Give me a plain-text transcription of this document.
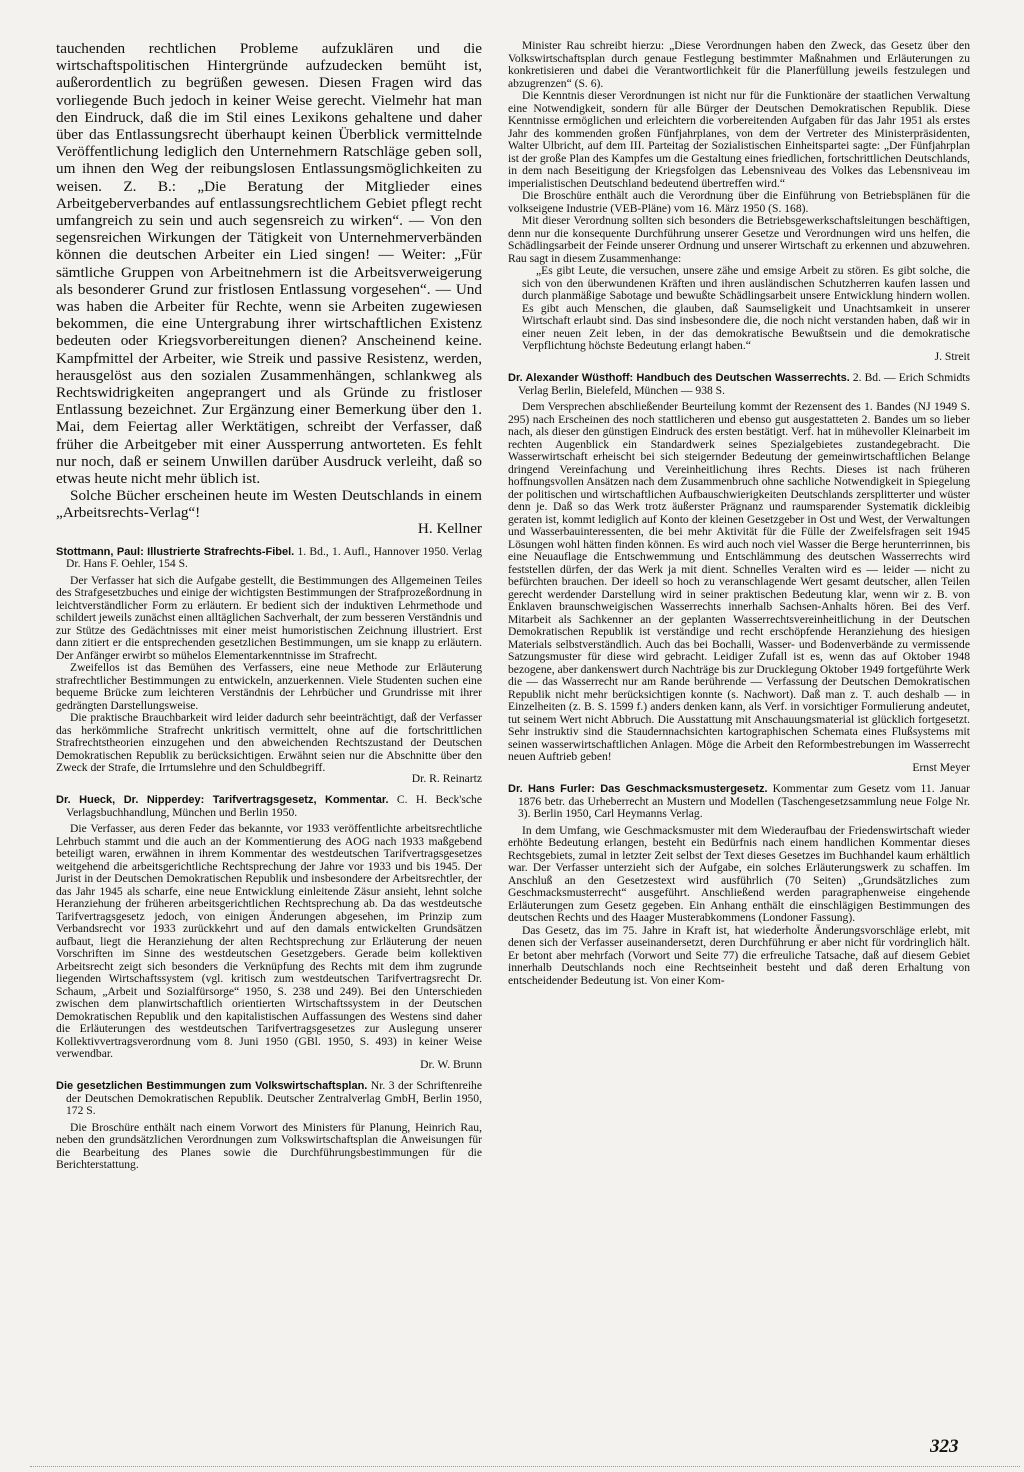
tauchenden rechtlichen Probleme aufzuklären und die wirtschaftspolitischen Hintergründe aufzudecken bemüht ist, außerordentlich zu begrüßen gewesen. Diesen Fragen wird das vorliegende Buch jedoch in keiner Weise gerecht. Vielmehr hat man den Eindruck, daß die im Stil eines Lexikons gehaltene und daher über das Entlassungsrecht überhaupt keinen Überblick vermittelnde Veröffentlichung lediglich den Unternehmern Ratschläge geben soll, um ihnen den Weg der reibungslosen Entlassungsmöglichkeiten zu weisen. Z. B.: „Die Beratung der Mitglieder eines Arbeitgeberverbandes auf entlassungsrechtlichem Gebiet pflegt recht umfangreich zu sein und auch segensreich zu wirken“. — Von den segensreichen Wirkungen der Tätigkeit von Unternehmerverbänden können die deutschen Arbeiter ein Lied singen! — Weiter: „Für sämtliche Gruppen von Arbeitnehmern ist die Arbeitsverweigerung als besonderer Grund zur fristlosen Entlassung vorgesehen“. — Und was haben die Arbeiter für Rechte, wenn sie Arbeiten zugewiesen bekommen, die eine Untergrabung ihrer wirtschaftlichen Existenz bedeuten oder Kriegsvorbereitungen dienen? Anscheinend keine. Kampfmittel der Arbeiter, wie Streik und passive Resistenz, werden, herausgelöst aus den sozialen Zusammenhängen, schlankweg als Rechtswidrigkeiten angeprangert und als Gründe zu fristloser Entlassung bezeichnet. Zur Ergänzung einer Bemerkung über den 1. Mai, dem Feiertag aller Werktätigen, schreibt der Verfasser, daß früher die Arbeitgeber mit einer Aussperrung antworteten. Es fehlt nur noch, daß er seinem Unwillen darüber Ausdruck verleiht, daß so etwas heute nicht mehr üblich ist.

Solche Bücher erscheinen heute im Westen Deutschlands in einem „Arbeitsrechts-Verlag“!

H. Kellner
Stottmann, Paul: Illustrierte Strafrechts-Fibel. 1. Bd., 1. Aufl., Hannover 1950. Verlag Dr. Hans F. Oehler, 154 S.

Der Verfasser hat sich die Aufgabe gestellt, die Bestimmungen des Allgemeinen Teiles des Strafgesetzbuches und einige der wichtigsten Bestimmungen der Strafprozeßordnung in leichtverständlicher Form zu erläutern. Er bedient sich der induktiven Lehrmethode und schildert jeweils zunächst einen alltäglichen Sachverhalt, der zum besseren Verständnis und zur Stütze des Gedächtnisses mit einer meist humoristischen Zeichnung illustriert. Erst dann zitiert er die entsprechenden gesetzlichen Bestimmungen, um sie knapp zu erläutern. Der Anfänger erwirbt so mühelos Elementarkenntnisse im Strafrecht.

Zweifellos ist das Bemühen des Verfassers, eine neue Methode zur Erläuterung strafrechtlicher Bestimmungen zu entwickeln, anzuerkennen. Viele Studenten suchen eine bequeme Brücke zum leichteren Verständnis der Lehrbücher und Grundrisse mit ihrer gedrängten Darstellungsweise.

Die praktische Brauchbarkeit wird leider dadurch sehr beeinträchtigt, daß der Verfasser das herkömmliche Strafrecht unkritisch vermittelt, ohne auf die fortschrittlichen Strafrechtstheorien einzugehen und den abweichenden Rechtszustand der Deutschen Demokratischen Republik zu berücksichtigen. Erwähnt seien nur die Abschnitte über den Zweck der Strafe, die Irrtumslehre und den Schuldbegriff.

Dr. R. Reinartz
Dr. Hueck, Dr. Nipperdey: Tarifvertragsgesetz, Kommentar. C. H. Beck'sche Verlagsbuchhandlung, München und Berlin 1950.

Die Verfasser, aus deren Feder das bekannte, vor 1933 veröffentlichte arbeitsrechtliche Lehrbuch stammt und die auch an der Kommentierung des AOG nach 1933 maßgebend beteiligt waren, erwähnen in ihrem Kommentar des westdeutschen Tarifvertragsgesetzes weitgehend die arbeitsgerichtliche Rechtsprechung der Jahre vor 1933 und bis 1945. Der Jurist in der Deutschen Demokratischen Republik und insbesondere der Arbeitsrechtler, der das Jahr 1945 als scharfe, eine neue Entwicklung einleitende Zäsur ansieht, lehnt solche Heranziehung der früheren arbeitsgerichtlichen Rechtsprechung ab. Da das westdeutsche Tarifvertragsgesetz jedoch, von einigen Änderungen abgesehen, im Prinzip zum Verbandsrecht vor 1933 zurückkehrt und auf den damals entwickelten Grundsätzen aufbaut, liegt die Heranziehung der alten Rechtsprechung zur Erläuterung der neuen Vorschriften im Sinne des westdeutschen Gesetzgebers. Gerade beim kollektiven Arbeitsrecht zeigt sich besonders die Verknüpfung des Rechts mit dem ihm zugrunde liegenden Wirtschaftssystem (vgl. kritisch zum westdeutschen Tarifvertragsrecht Dr. Schaum, „Arbeit und Sozialfürsorge“ 1950, S. 238 und 249). Bei den Unterschieden zwischen dem planwirtschaftlich orientierten Wirtschaftssystem in der Deutschen Demokratischen Republik und den kapitalistischen Auffassungen des Westens sind daher die Erläuterungen des westdeutschen Tarifvertragsgesetzes zur Auslegung unserer Kollektivvertragsverordnung vom 8. Juni 1950 (GBl. 1950, S. 493) in keiner Weise verwendbar.

Dr. W. Brunn
Die gesetzlichen Bestimmungen zum Volkswirtschaftsplan. Nr. 3 der Schriftenreihe der Deutschen Demokratischen Republik. Deutscher Zentralverlag GmbH, Berlin 1950, 172 S.

Die Broschüre enthält nach einem Vorwort des Ministers für Planung, Heinrich Rau, neben den grundsätzlichen Verordnungen zum Volkswirtschaftsplan die Anweisungen für die Bearbeitung des Planes sowie die Durchführungsbestimmungen für die Berichterstattung.

Minister Rau schreibt hierzu: „Diese Verordnungen haben den Zweck, das Gesetz über den Volkswirtschaftsplan durch genaue Festlegung bestimmter Maßnahmen und Erläuterungen zu konkretisieren und dabei die Verantwortlichkeit für die Planerfüllung jeweils festzulegen und abzugrenzen“ (S. 6).

Die Kenntnis dieser Verordnungen ist nicht nur für die Funktionäre der staatlichen Verwaltung eine Notwendigkeit, sondern für alle Bürger der Deutschen Demokratischen Republik. Diese Kenntnisse ermöglichen und erleichtern die vorbereitenden Aufgaben für das Jahr 1951 als erstes Jahr des kommenden großen Fünfjahrplanes, von dem der Vertreter des Ministerpräsidenten, Walter Ulbricht, auf dem III. Parteitag der Sozialistischen Einheitspartei sagte: „Der Fünfjahrplan ist der große Plan des Kampfes um die Gestaltung eines friedlichen, fortschrittlichen Deutschlands, in dem nach Beseitigung der Kriegsfolgen das Lebensniveau des Volkes das Lebensniveau im imperialistischen Deutschland bedeutend übertreffen wird.“

Die Broschüre enthält auch die Verordnung über die Einführung von Betriebsplänen für die volkseigene Industrie (VEB-Pläne) vom 16. März 1950 (S. 168).

Mit dieser Verordnung sollten sich besonders die Betriebsgewerkschaftsleitungen beschäftigen, denn nur die konsequente Durchführung unserer Gesetze und Verordnungen wird uns helfen, die Schädlingsarbeit der Feinde unserer Ordnung und unserer Wirtschaft zu erkennen und abzuwehren. Rau sagt in diesem Zusammenhange:

„Es gibt Leute, die versuchen, unsere zähe und emsige Arbeit zu stören. Es gibt solche, die sich von den überwundenen Kräften und ihren ausländischen Schutzherren kaufen lassen und durch planmäßige Sabotage und bewußte Schädlingsarbeit unsere Entwicklung hindern wollen. Es gibt auch Menschen, die glauben, daß Saumseligkeit und Unachtsamkeit in unserer Wirtschaft erlaubt sind. Das sind insbesondere die, die noch nicht verstanden haben, daß wir in einer neuen Zeit leben, in der das demokratische Bewußtsein und die demokratische Verpflichtung höchste Bedeutung erlangt haben.“

J. Streit
Dr. Alexander Wüsthoff: Handbuch des Deutschen Wasserrechts. 2. Bd. — Erich Schmidts Verlag Berlin, Bielefeld, München — 938 S.

Dem Versprechen abschließender Beurteilung kommt der Rezensent des 1. Bandes (NJ 1949 S. 295) nach Erscheinen des noch stattlicheren und ebenso gut ausgestatteten 2. Bandes um so lieber nach, als dieser den günstigen Eindruck des ersten bestätigt. Verf. hat in mühevoller Kleinarbeit im rechten Augenblick ein Standardwerk seines Spezialgebietes zustandegebracht. Die Wasserwirtschaft erheischt bei sich steigernder Bedeutung der gemeinwirtschaftlichen Belange dringend Vereinfachung und Vereinheitlichung ihres Rechts. Dieses ist nach früheren hoffnungsvollen Ansätzen nach dem Zusammenbruch ohne sachliche Notwendigkeit in Spiegelung der politischen und wirtschaftlichen Aufbauschwierigkeiten Deutschlands zersplitterter und wüster denn je. Daß so das Werk trotz äußerster Prägnanz und raumsparender Systematik dickleibig geraten ist, kommt lediglich auf Konto der kleinen Gesetzgeber in Ost und West, der Verwaltungen und Wasserbauinteressenten, die bei mehr Aktivität für die Fülle der Zweifelsfragen seit 1945 Lösungen wohl hätten finden können. Es wird auch noch viel Wasser die Berge herunterrinnen, bis eine Neuauflage die Entschwemmung und Entschlämmung des deutschen Wasserrechts wird feststellen dürfen, der das Werk ja mit dient. Schnelles Veralten wird es — leider — nicht zu befürchten brauchen. Der ideell so hoch zu veranschlagende Wert gesamt deutscher, allen Teilen gerecht werdender Darstellung wird in seiner praktischen Bedeutung klar, wenn wir z. B. von Enklaven braunschweigischen Wasserrechts innerhalb Sachsen-Anhalts hören. Bei des Verf. Mitarbeit als Sachkenner an der geplanten Wasserrechtsvereinheitlichung in der Deutschen Demokratischen Republik ist verständige und recht erschöpfende Heranziehung des hiesigen Materials selbstverständlich. Auch das bei Bochalli, Wasser- und Bodenverbände zu vermissende Satzungsmuster für diese wird gebracht. Leidiger Zufall ist es, wenn das auf Oktober 1948 bezogene, aber dankenswert durch Nachträge bis zur Drucklegung Oktober 1949 fortgeführte Werk die — das Wasserrecht nur am Rande berührende — Verfassung der Deutschen Demokratischen Republik nicht mehr berücksichtigen konnte (s. Nachwort). Daß man z. T. auch deshalb — in Einzelheiten (z. B. S. 1599 f.) anders denken kann, als Verf. in vorsichtiger Formulierung andeutet, tut seinem Wert nicht Abbruch. Die Ausstattung mit Anschauungsmaterial ist glücklich fortgesetzt. Sehr instruktiv sind die Staudernnachsichten kartographischen Schemata eines Flußsystems mit seinen wasserwirtschaftlichen Anlagen. Möge die Arbeit den Reformbestrebungen im Wasserrecht neuen Auftrieb geben!

Ernst Meyer
Dr. Hans Furler: Das Geschmacksmustergesetz. Kommentar zum Gesetz vom 11. Januar 1876 betr. das Urheberrecht an Mustern und Modellen (Taschengesetzsammlung neue Folge Nr. 3). Berlin 1950, Carl Heymanns Verlag.

In dem Umfang, wie Geschmacksmuster mit dem Wiederaufbau der Friedenswirtschaft wieder erhöhte Bedeutung erlangen, besteht ein Bedürfnis nach einem handlichen Kommentar dieses Rechtsgebiets, zumal in letzter Zeit selbst der Text dieses Gesetzes im Buchhandel kaum erhältlich war. Der Verfasser unterzieht sich der Aufgabe, ein solches Erläuterungswerk zu schaffen. Im Anschluß an den Gesetzestext wird ausführlich (70 Seiten) „Grundsätzliches zum Geschmacksmusterrecht“ ausgeführt. Anschließend werden paragraphenweise eingehende Erläuterungen zum Gesetz gegeben. Ein Anhang enthält die einschlägigen Bestimmungen des deutschen Rechts und des Haager Musterabkommens (Londoner Fassung).

Das Gesetz, das im 75. Jahre in Kraft ist, hat wiederholte Änderungsvorschläge erlebt, mit denen sich der Verfasser auseinandersetzt, deren Durchführung er aber nicht für vordringlich hält. Er betont aber mehrfach (Vorwort und Seite 77) die erfreuliche Tatsache, daß auf diesem Gebiet innerhalb Deutschlands noch eine Rechtseinheit besteht und daß deren Erhaltung von entscheidender Bedeutung ist. Von einer Kom-

323
